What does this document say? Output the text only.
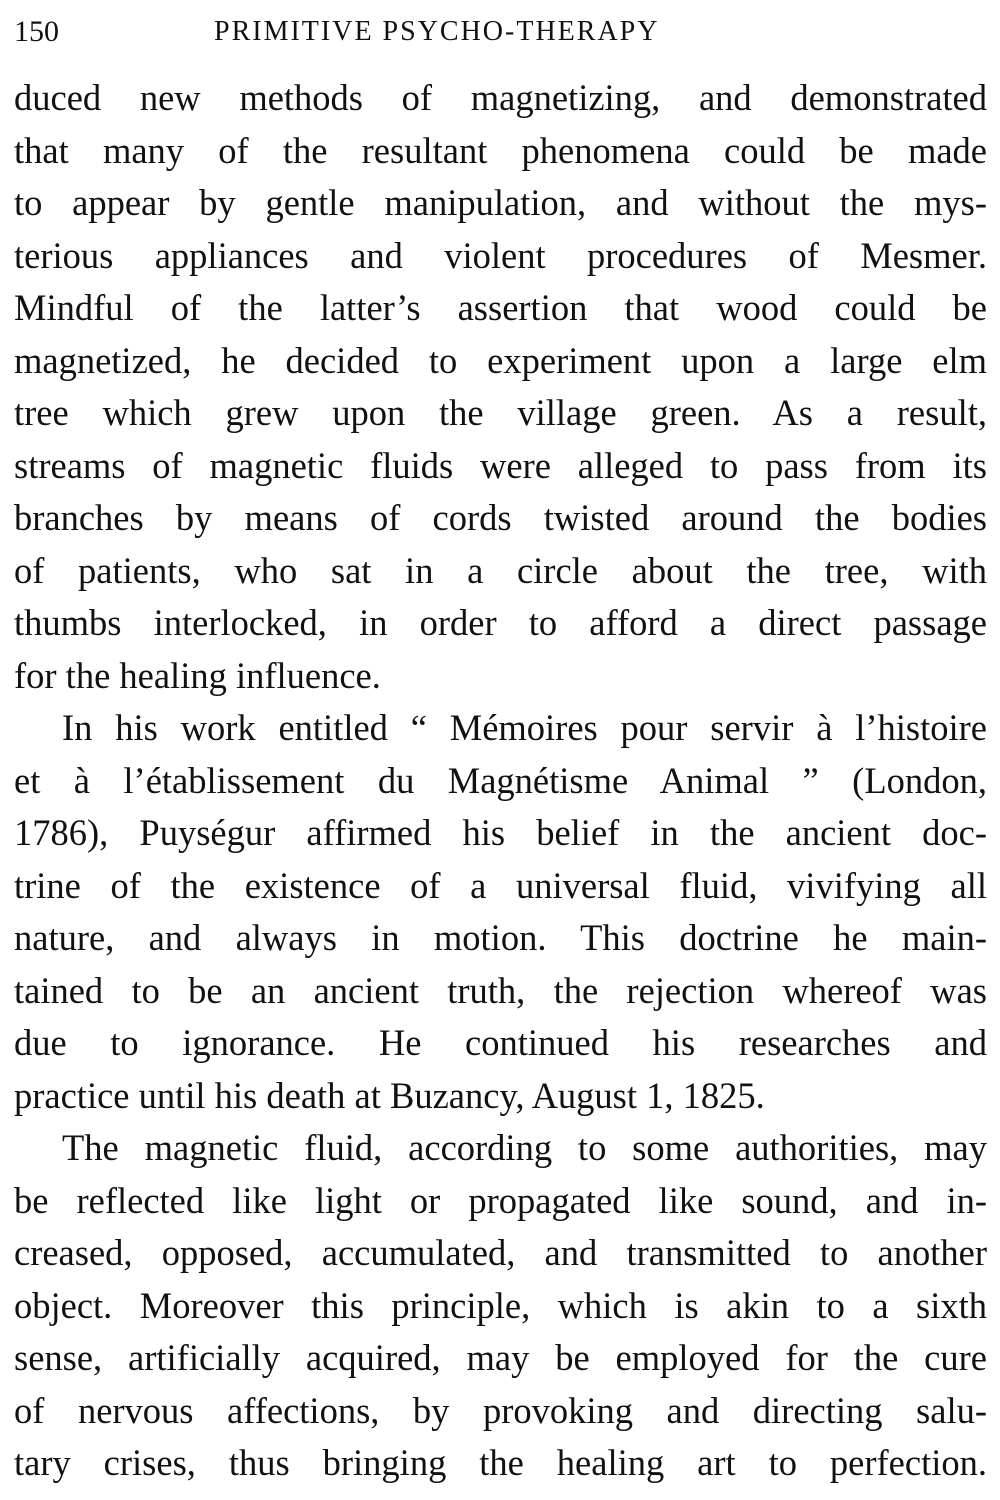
150	PRIMITIVE PSYCHO-THERAPY
duced new methods of magnetizing, and demonstrated
that many of the resultant phenomena could be made
to appear by gentle manipulation, and without the mys-
terious appliances and violent procedures of Mesmer.
Mindful of the latter’s assertion that wood could be
magnetized, he decided to experiment upon a large elm
tree which grew upon the village green. As a result,
streams of magnetic fluids were alleged to pass from its
branches by means of cords twisted around the bodies
of patients, who sat in a circle about the tree, with
thumbs interlocked, in order to afford a direct passage
for the healing influence.
In his work entitled “ Mémoires pour servir à l’histoire
et à l’établissement du Magnétisme Animal ” (London,
1786), Puységur affirmed his belief in the ancient doc-
trine of the existence of a universal fluid, vivifying all
nature, and always in motion. This doctrine he main-
tained to be an ancient truth, the rejection whereof was
due to ignorance. He continued his researches and
practice until his death at Buzancy, August 1, 1825.
The magnetic fluid, according to some authorities, may
be reflected like light or propagated like sound, and in-
creased, opposed, accumulated, and transmitted to another
object. Moreover this principle, which is akin to a sixth
sense, artificially acquired, may be employed for the cure
of nervous affections, by provoking and directing salu-
tary crises, thus bringing the healing art to perfection.
